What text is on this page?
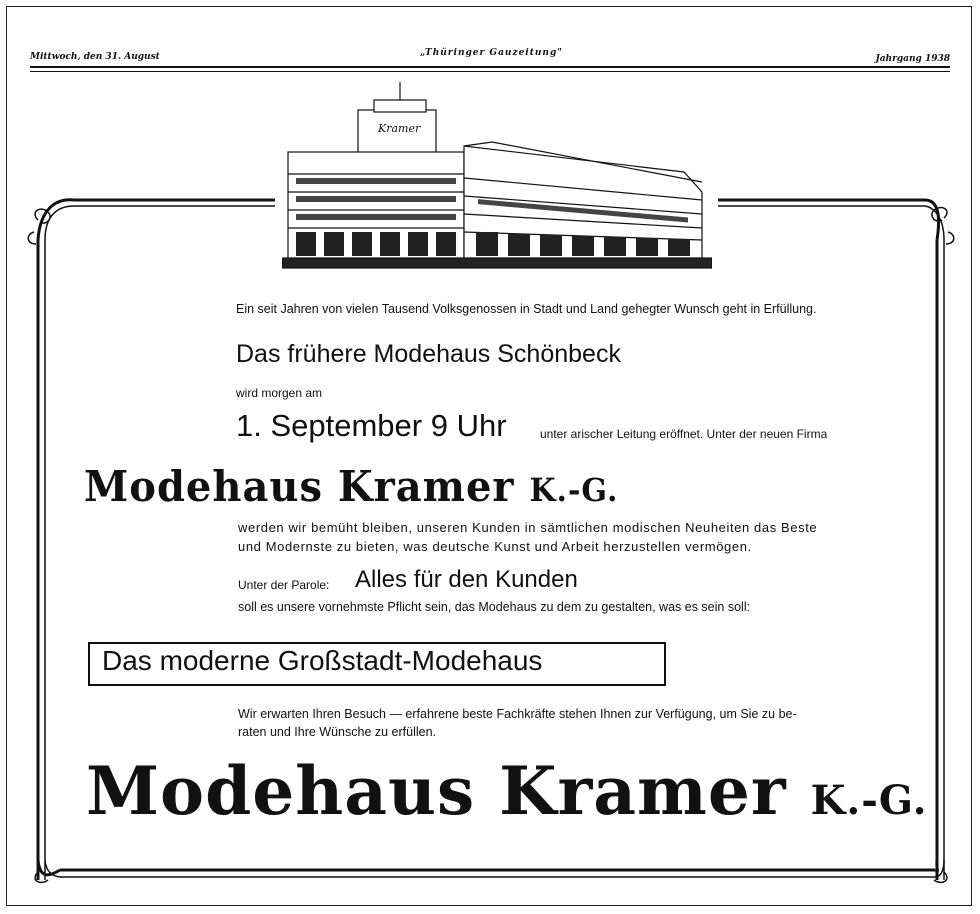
Mittwoch, den 31. August	„Thüringer Gauzeitung"
Jahrgang 1938
Kramer
Ein seit Jahren von vielen Tausend Volksgenossen in Stadt und Land gehegter Wunsch geht in Erfüllung.
Das frühere Modehaus Schönbeck
wird morgen am
1. September 9 Uhr	unter arischer Leitung eröffnet. Unter der neuen Firma
Modehaus Kramer K.-G.
werden wir bemüht bleiben, unseren Kunden in sämtlichen modischen Neuheiten das Beste
und Modernste zu bieten, was deutsche Kunst und Arbeit herzustellen vermögen.
Unter der Parole: Alles für den Kunden
soll es unsere vornehmste Pflicht sein, das Modehaus zu dem zu gestalten, was es sein soll:
Das moderne Großstadt-Modehaus
Wir erwarten Ihren Besuch — erfahrene beste Fachkräfte stehen Ihnen zur Verfügung, um Sie zu be-
raten und Ihre Wünsche zu erfüllen.
Modehaus Kramer K.-G.
